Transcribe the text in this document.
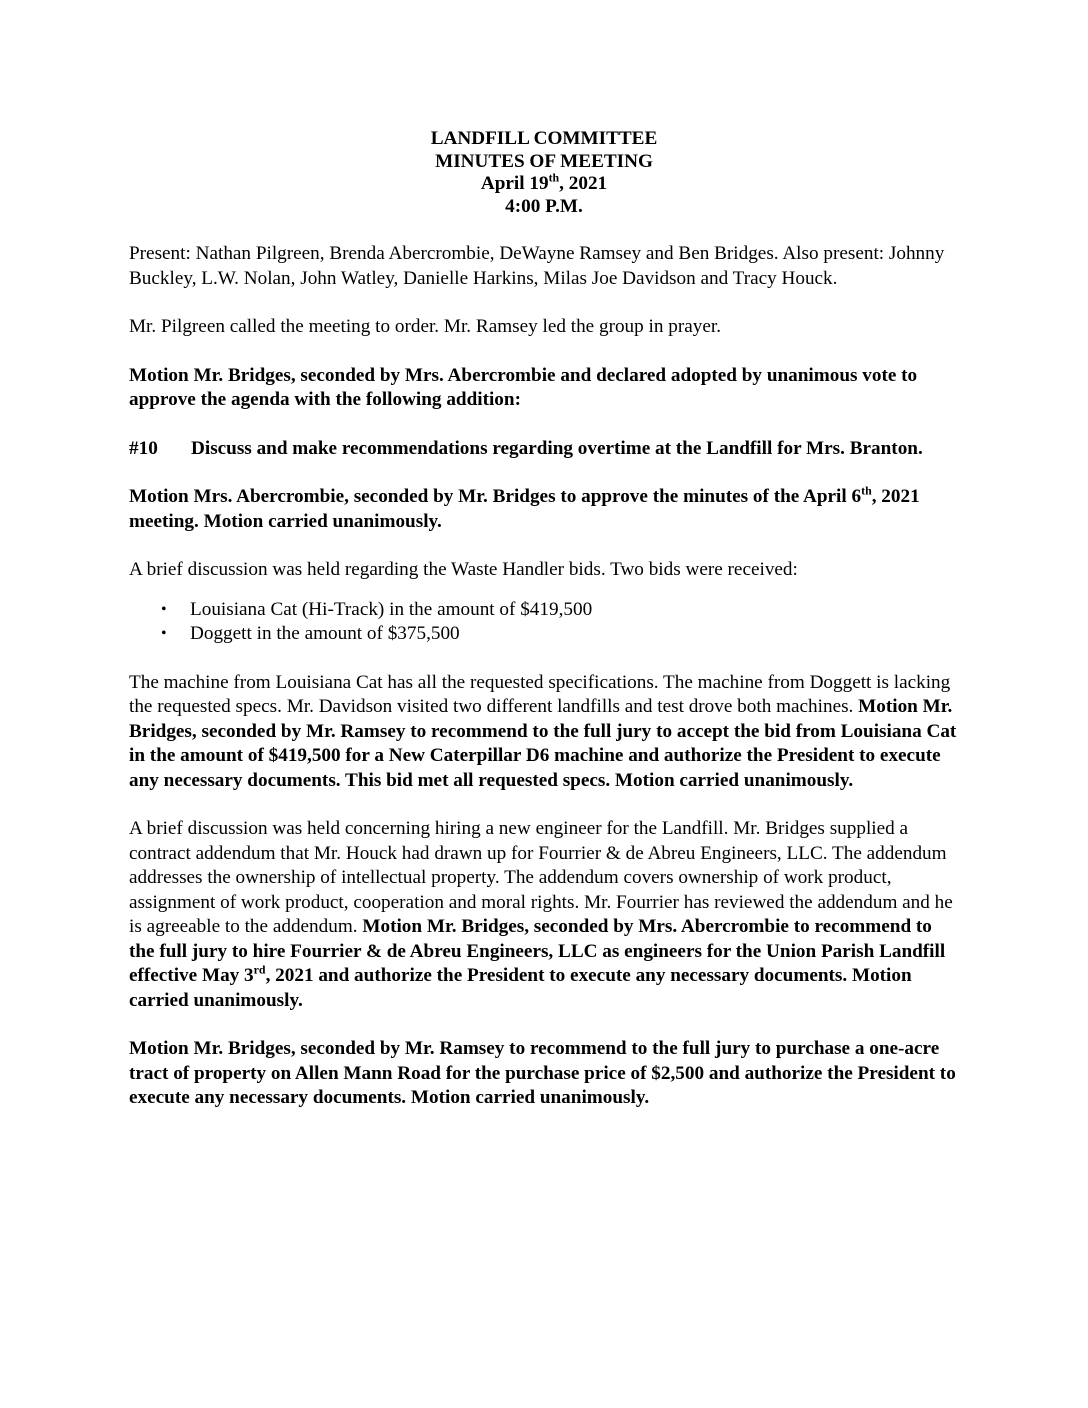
LANDFILL COMMITTEE
MINUTES OF MEETING
April 19th, 2021
4:00 P.M.

Present: Nathan Pilgreen, Brenda Abercrombie, DeWayne Ramsey and Ben Bridges. Also present: Johnny Buckley, L.W. Nolan, John Watley, Danielle Harkins, Milas Joe Davidson and Tracy Houck.

Mr. Pilgreen called the meeting to order. Mr. Ramsey led the group in prayer.

Motion Mr. Bridges, seconded by Mrs. Abercrombie and declared adopted by unanimous vote to approve the agenda with the following addition:

#10	Discuss and make recommendations regarding overtime at the Landfill for Mrs. Branton.

Motion Mrs. Abercrombie, seconded by Mr. Bridges to approve the minutes of the April 6th, 2021 meeting. Motion carried unanimously.

A brief discussion was held regarding the Waste Handler bids. Two bids were received:

• Louisiana Cat (Hi-Track) in the amount of $419,500
• Doggett in the amount of $375,500

The machine from Louisiana Cat has all the requested specifications. The machine from Doggett is lacking the requested specs. Mr. Davidson visited two different landfills and test drove both machines. Motion Mr. Bridges, seconded by Mr. Ramsey to recommend to the full jury to accept the bid from Louisiana Cat in the amount of $419,500 for a New Caterpillar D6 machine and authorize the President to execute any necessary documents. This bid met all requested specs. Motion carried unanimously.

A brief discussion was held concerning hiring a new engineer for the Landfill. Mr. Bridges supplied a contract addendum that Mr. Houck had drawn up for Fourrier & de Abreu Engineers, LLC. The addendum addresses the ownership of intellectual property. The addendum covers ownership of work product, assignment of work product, cooperation and moral rights. Mr. Fourrier has reviewed the addendum and he is agreeable to the addendum. Motion Mr. Bridges, seconded by Mrs. Abercrombie to recommend to the full jury to hire Fourrier & de Abreu Engineers, LLC as engineers for the Union Parish Landfill effective May 3rd, 2021 and authorize the President to execute any necessary documents. Motion carried unanimously.

Motion Mr. Bridges, seconded by Mr. Ramsey to recommend to the full jury to purchase a one-acre tract of property on Allen Mann Road for the purchase price of $2,500 and authorize the President to execute any necessary documents. Motion carried unanimously.
